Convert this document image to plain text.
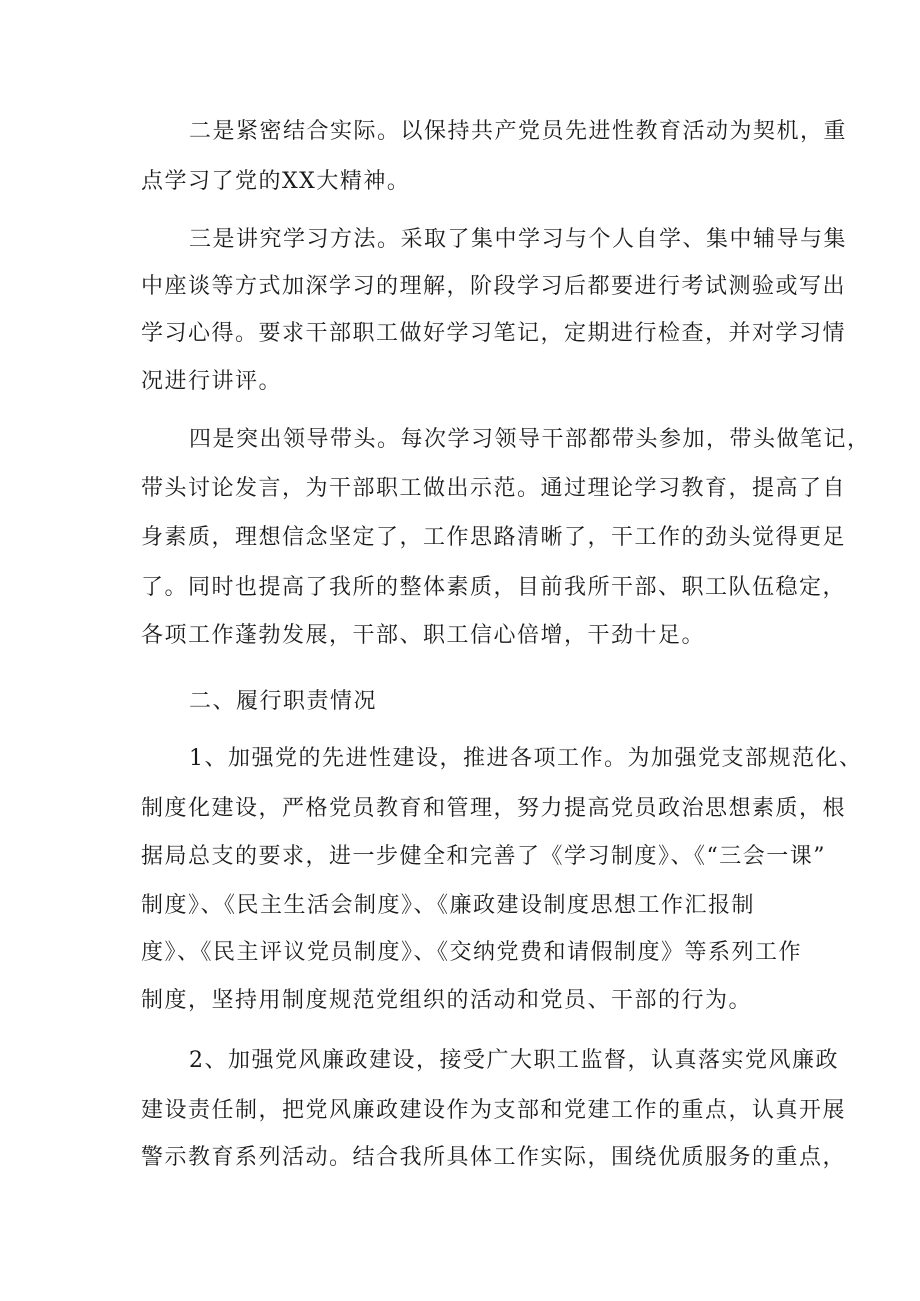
二是紧密结合实际。以保持共产党员先进性教育活动为契机，重
点学习了党的XX大精神。
三是讲究学习方法。采取了集中学习与个人自学、集中辅导与集
中座谈等方式加深学习的理解，阶段学习后都要进行考试测验或写出
学习心得。要求干部职工做好学习笔记，定期进行检查，并对学习情
况进行讲评。
四是突出领导带头。每次学习领导干部都带头参加，带头做笔记，
带头讨论发言，为干部职工做出示范。通过理论学习教育，提高了自
身素质，理想信念坚定了，工作思路清晰了，干工作的劲头觉得更足
了。同时也提高了我所的整体素质，目前我所干部、职工队伍稳定，
各项工作蓬勃发展，干部、职工信心倍增，干劲十足。
二、履行职责情况
1、加强党的先进性建设，推进各项工作。为加强党支部规范化、
制度化建设，严格党员教育和管理，努力提高党员政治思想素质，根
据局总支的要求，进一步健全和完善了《学习制度》、《“三会一课”
制度》、《民主生活会制度》、《廉政建设制度思想工作汇报制
度》、《民主评议党员制度》、《交纳党费和请假制度》等系列工作
制度，坚持用制度规范党组织的活动和党员、干部的行为。
2、加强党风廉政建设，接受广大职工监督，认真落实党风廉政
建设责任制，把党风廉政建设作为支部和党建工作的重点，认真开展
警示教育系列活动。结合我所具体工作实际，围绕优质服务的重点，
